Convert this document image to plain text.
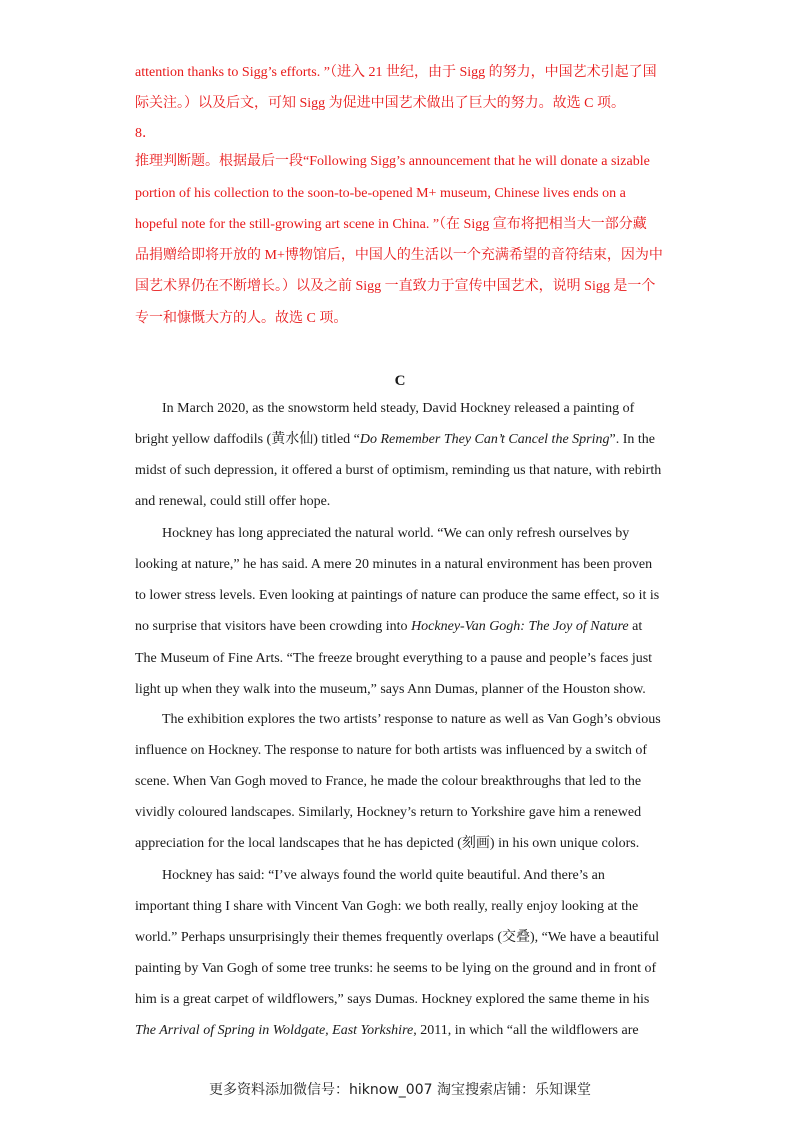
attention thanks to Sigg’s efforts. ”（进入 21 世纪，由于 Sigg 的努力，中国艺术引起了国
际关注。）以及后文，可知 Sigg 为促进中国艺术做出了巨大的努力。故选 C 项。
8．
推理判断题。根据最后一段“Following Sigg’s announcement that he will donate a sizable
portion of his collection to the soon-to-be-opened M+ museum, Chinese lives ends on a
hopeful note for the still-growing art scene in China. ”（在 Sigg 宣布将把相当大一部分藏
品捐赠给即将开放的 M+博物馆后，中国人的生活以一个充满希望的音符结束，因为中
国艺术界仍在不断增长。）以及之前 Sigg 一直致力于宣传中国艺术，说明 Sigg 是一个
专一和慷慨大方的人。故选 C 项。
C
In March 2020, as the snowstorm held steady, David Hockney released a painting of
bright yellow daffodils (黄水仙) titled “Do Remember They Can’t Cancel the Spring”. In the
midst of such depression, it offered a burst of optimism, reminding us that nature, with rebirth
and renewal, could still offer hope.
Hockney has long appreciated the natural world. “We can only refresh ourselves by
looking at nature,” he has said. A mere 20 minutes in a natural environment has been proven
to lower stress levels. Even looking at paintings of nature can produce the same effect, so it is
no surprise that visitors have been crowding into Hockney-Van Gogh: The Joy of Nature at
The Museum of Fine Arts. “The freeze brought everything to a pause and people’s faces just
light up when they walk into the museum,” says Ann Dumas, planner of the Houston show.
The exhibition explores the two artists’ response to nature as well as Van Gogh’s obvious
influence on Hockney. The response to nature for both artists was influenced by a switch of
scene. When Van Gogh moved to France, he made the colour breakthroughs that led to the
vividly coloured landscapes. Similarly, Hockney’s return to Yorkshire gave him a renewed
appreciation for the local landscapes that he has depicted (刻画) in his own unique colors.
Hockney has said: “I’ve always found the world quite beautiful. And there’s an
important thing I share with Vincent Van Gogh: we both really, really enjoy looking at the
world.” Perhaps unsurprisingly their themes frequently overlaps (交叠), “We have a beautiful
painting by Van Gogh of some tree trunks: he seems to be lying on the ground and in front of
him is a great carpet of wildflowers,” says Dumas. Hockney explored the same theme in his
The Arrival of Spring in Woldgate, East Yorkshire, 2011, in which “all the wildflowers are
更多资料添加微信号：hiknow_007 淘宝搜索店铺：乐知课堂
